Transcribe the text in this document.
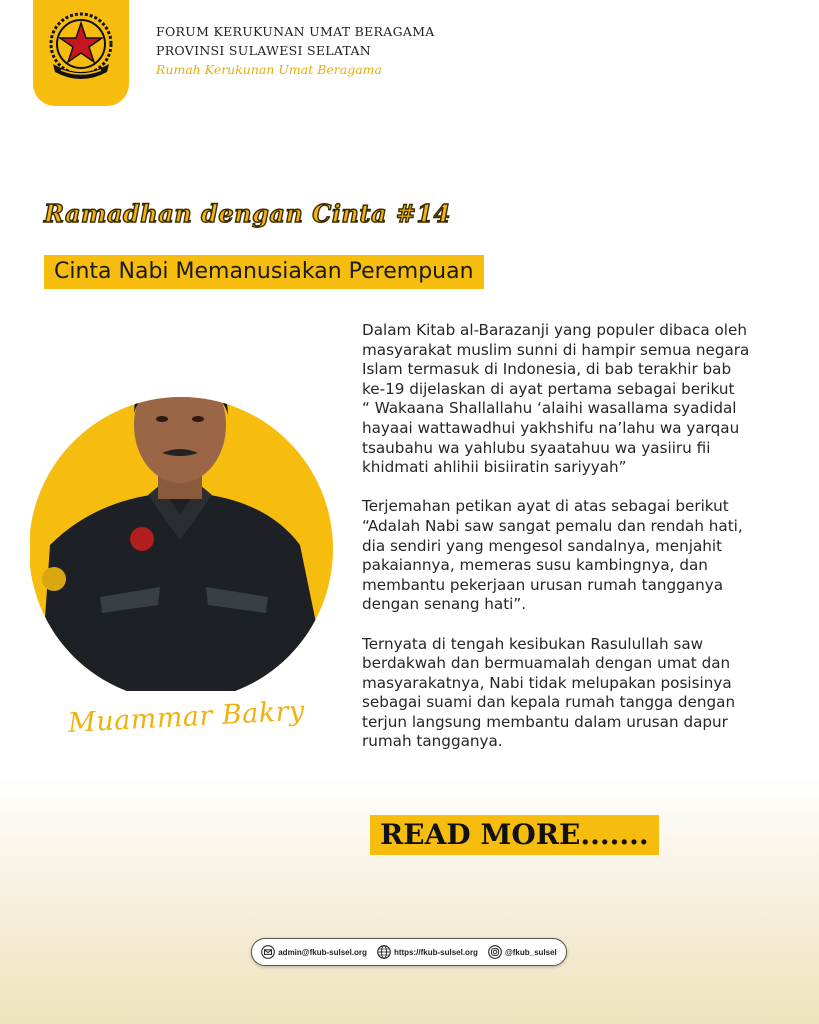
FORUM KERUKUNAN UMAT BERAGAMA
PROVINSI SULAWESI SELATAN
Rumah Kerukunan Umat Beragama
Ramadhan dengan Cinta #14
Cinta Nabi Memanusiakan Perempuan
Muammar Bakry

Dalam Kitab al-Barazanji yang populer dibaca oleh
masyarakat muslim sunni di hampir semua negara
Islam termasuk di Indonesia, di bab terakhir bab
ke-19 dijelaskan di ayat pertama sebagai berikut
“ Wakaana Shallallahu ‘alaihi wasallama syadidal
hayaai wattawadhui yakhshifu na’lahu wa yarqau
tsaubahu wa yahlubu syaatahuu wa yasiiru fii
khidmati ahlihii bisiiratin sariyyah”

Terjemahan petikan ayat di atas sebagai berikut
“Adalah Nabi saw sangat pemalu dan rendah hati,
dia sendiri yang mengesol sandalnya, menjahit
pakaiannya, memeras susu kambingnya, dan
membantu pekerjaan urusan rumah tangganya
dengan senang hati”.

Ternyata di tengah kesibukan Rasulullah saw
berdakwah dan bermuamalah dengan umat dan
masyarakatnya, Nabi tidak melupakan posisinya
sebagai suami dan kepala rumah tangga dengan
terjun langsung membantu dalam urusan dapur
rumah tangganya.

READ MORE.......
admin@fkub-sulsel.org	https://fkub-sulsel.org	@fkub_sulsel
